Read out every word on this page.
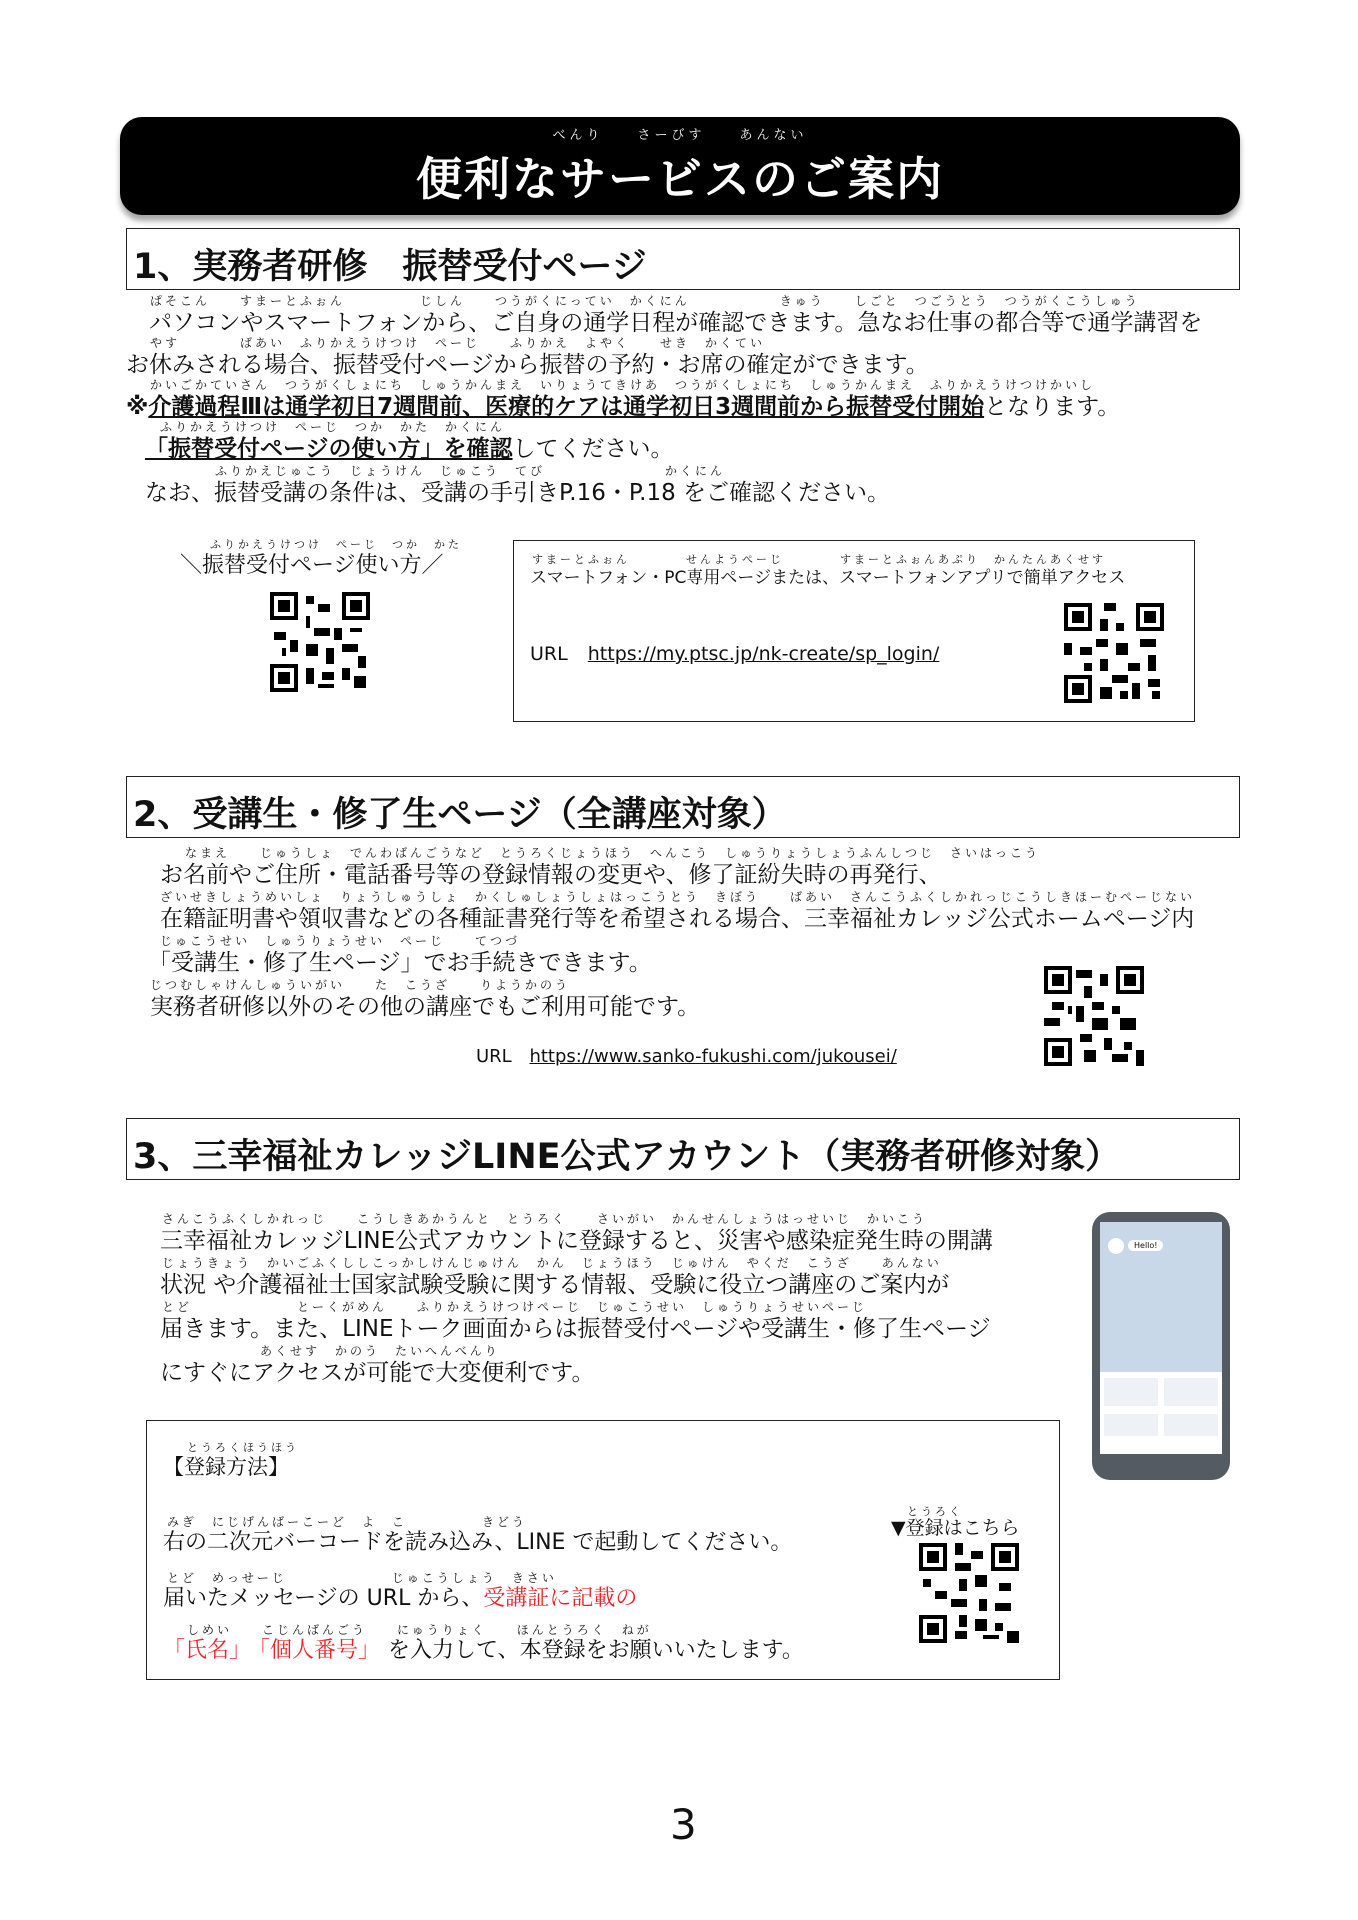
べんり　　さーびす　　あんない
便利なサービスのご案内
1、実務者研修　振替受付ページ
ぱそこん　　すまーとふぉん　　　　　じしん　　つうがくにってい　かくにん　　　　　　きゅう　　しごと　つごうとう　つうがくこうしゅう
　パソコンやスマートフォンから、ご自身の通学日程が確認できます。急なお仕事の都合等で通学講習を
やす　　　　ばあい　ふりかえうけつけ　ぺーじ　　ふりかえ　よやく　　せき　かくてい
お休みされる場合、振替受付ページから振替の予約・お席の確定ができます。
かいごかていさん　つうがくしょにち　しゅうかんまえ　いりょうてきけあ　つうがくしょにち　しゅうかんまえ　ふりかえうけつけかいし
※介護過程Ⅲは通学初日7週間前、医療的ケアは通学初日3週間前から振替受付開始となります。
ふりかえうけつけ　ぺーじ　つか　かた　かくにん
「振替受付ページの使い方」を確認してください。
ふりかえじゅこう　じょうけん　じゅこう　てび　　　　　　　　かくにん
なお、振替受講の条件は、受講の手引きP.16・P.18 をご確認ください。
ふりかえうけつけ　ぺーじ　つか　かた
＼振替受付ページ使い方／	すまーとふぉん　　　　せんようぺーじ　　　　すまーとふぉんあぷり　かんたんあくせす
スマートフォン・PC専用ページまたは、スマートフォンアプリで簡単アクセス
URL https://my.ptsc.jp/nk-create/sp_login/
2、受講生・修了生ページ（全講座対象）
なまえ　　じゅうしょ　でんわばんごうなど　とうろくじょうほう　へんこう　しゅうりょうしょうふんしつじ　さいはっこう
お名前やご住所・電話番号等の登録情報の変更や、修了証紛失時の再発行、
ざいせきしょうめいしょ　りょうしゅうしょ　かくしゅしょうしょはっこうとう　きぼう　　ばあい　さんこうふくしかれっじこうしきほーむぺーじない
在籍証明書や領収書などの各種証書発行等を希望される場合、三幸福祉カレッジ公式ホームページ内
じゅこうせい　しゅうりょうせい　ぺーじ　　てつづ
「受講生・修了生ページ」でお手続きできます。
じつむしゃけんしゅういがい　　た　こうざ　　りようかのう
実務者研修以外のその他の講座でもご利用可能です。
URL https://www.sanko-fukushi.com/jukousei/
3、三幸福祉カレッジLINE公式アカウント（実務者研修対象）
さんこうふくしかれっじ　　こうしきあかうんと　とうろく　　さいがい　かんせんしょうはっせいじ　かいこう
三幸福祉カレッジLINE公式アカウントに登録すると、災害や感染症発生時の開講
じょうきょう　かいごふくししこっかしけんじゅけん　かん　じょうほう　じゅけん　やくだ　こうざ　　あんない
状況 や介護福祉士国家試験受験に関する情報、受験に役立つ講座のご案内が
とど　　　　　　　とーくがめん　　ふりかえうけつけぺーじ　じゅこうせい　しゅうりょうせいぺーじ
届きます。また、LINEトーク画面からは振替受付ページや受講生・修了生ページ
あくせす　かのう　たいへんべんり
にすぐにアクセスが可能で大変便利です。
Hello!
とうろくほうほう
【登録方法】
みぎ　にじげんばーこーど　よ　こ　　　　　きどう
右の二次元バーコードを読み込み、LINE で起動してください。
とど　めっせーじ　　　　　　　じゅこうしょう　きさい
届いたメッセージの URL から、受講証に記載の
しめい　　こじんばんごう　　にゅうりょく　　ほんとうろく　ねが
「氏名」 「個人番号」 を入力して、本登録をお願いいたします。
とうろく
▼登録はこちら
3
